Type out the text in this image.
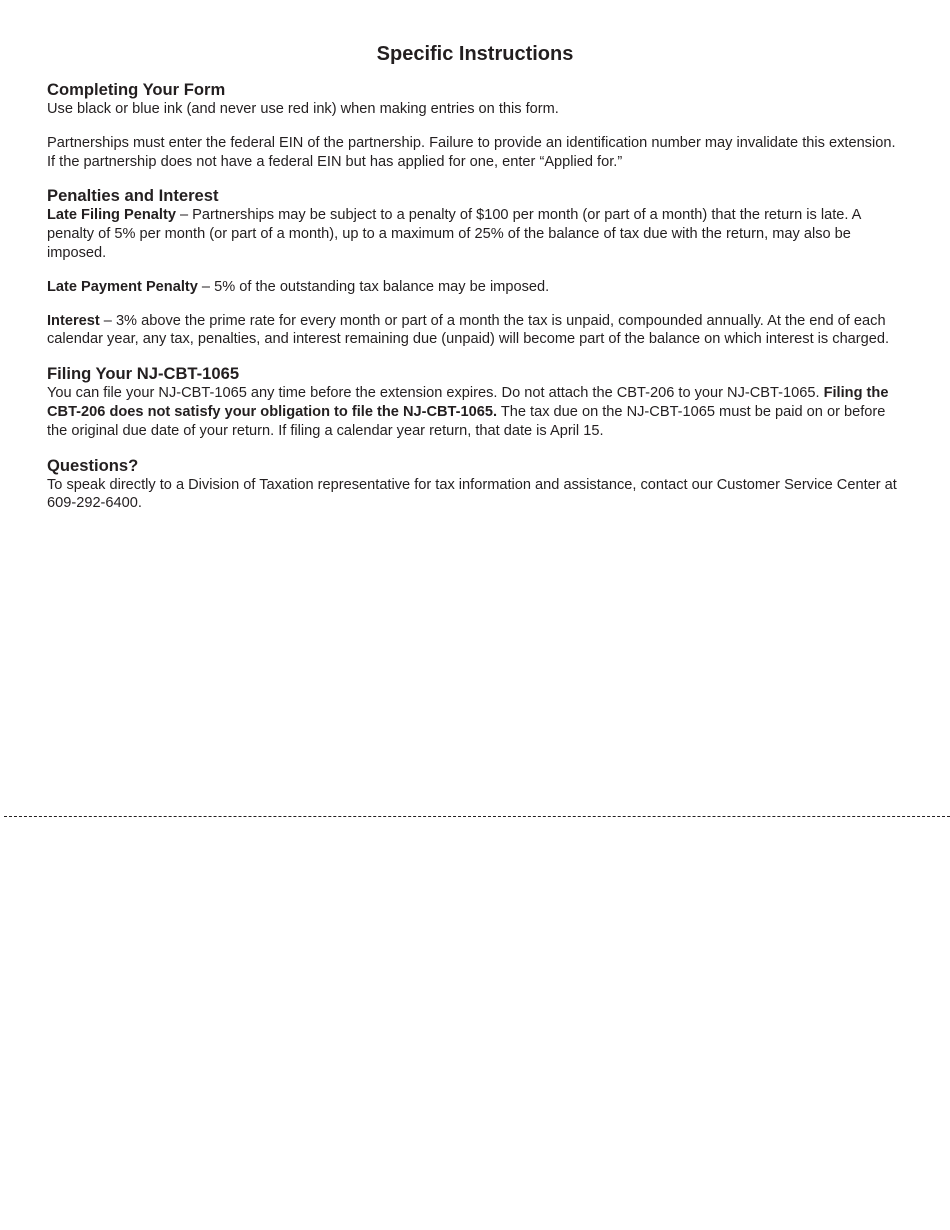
Specific Instructions
Completing Your Form

Use black or blue ink (and never use red ink) when making entries on this form.

Partnerships must enter the federal EIN of the partnership. Failure to provide an identification number may invalidate this extension. If the partnership does not have a federal EIN but has applied for one, enter “Applied for.”

Penalties and Interest

Late Filing Penalty – Partnerships may be subject to a penalty of $100 per month (or part of a month) that the return is late. A penalty of 5% per month (or part of a month), up to a maximum of 25% of the balance of tax due with the return, may also be imposed.

Late Payment Penalty – 5% of the outstanding tax balance may be imposed.

Interest – 3% above the prime rate for every month or part of a month the tax is unpaid, compounded annually. At the end of each calendar year, any tax, penalties, and interest remaining due (unpaid) will become part of the balance on which interest is charged.

Filing Your NJ-CBT-1065

You can file your NJ-CBT-1065 any time before the extension expires. Do not attach the CBT-206 to your NJ-CBT-1065. Filing the CBT-206 does not satisfy your obligation to file the NJ-CBT-1065. The tax due on the NJ-CBT-1065 must be paid on or before the original due date of your return. If filing a calendar year return, that date is April 15.

Questions?

To speak directly to a Division of Taxation representative for tax information and assistance, contact our Customer Service Center at 609-292-6400.
